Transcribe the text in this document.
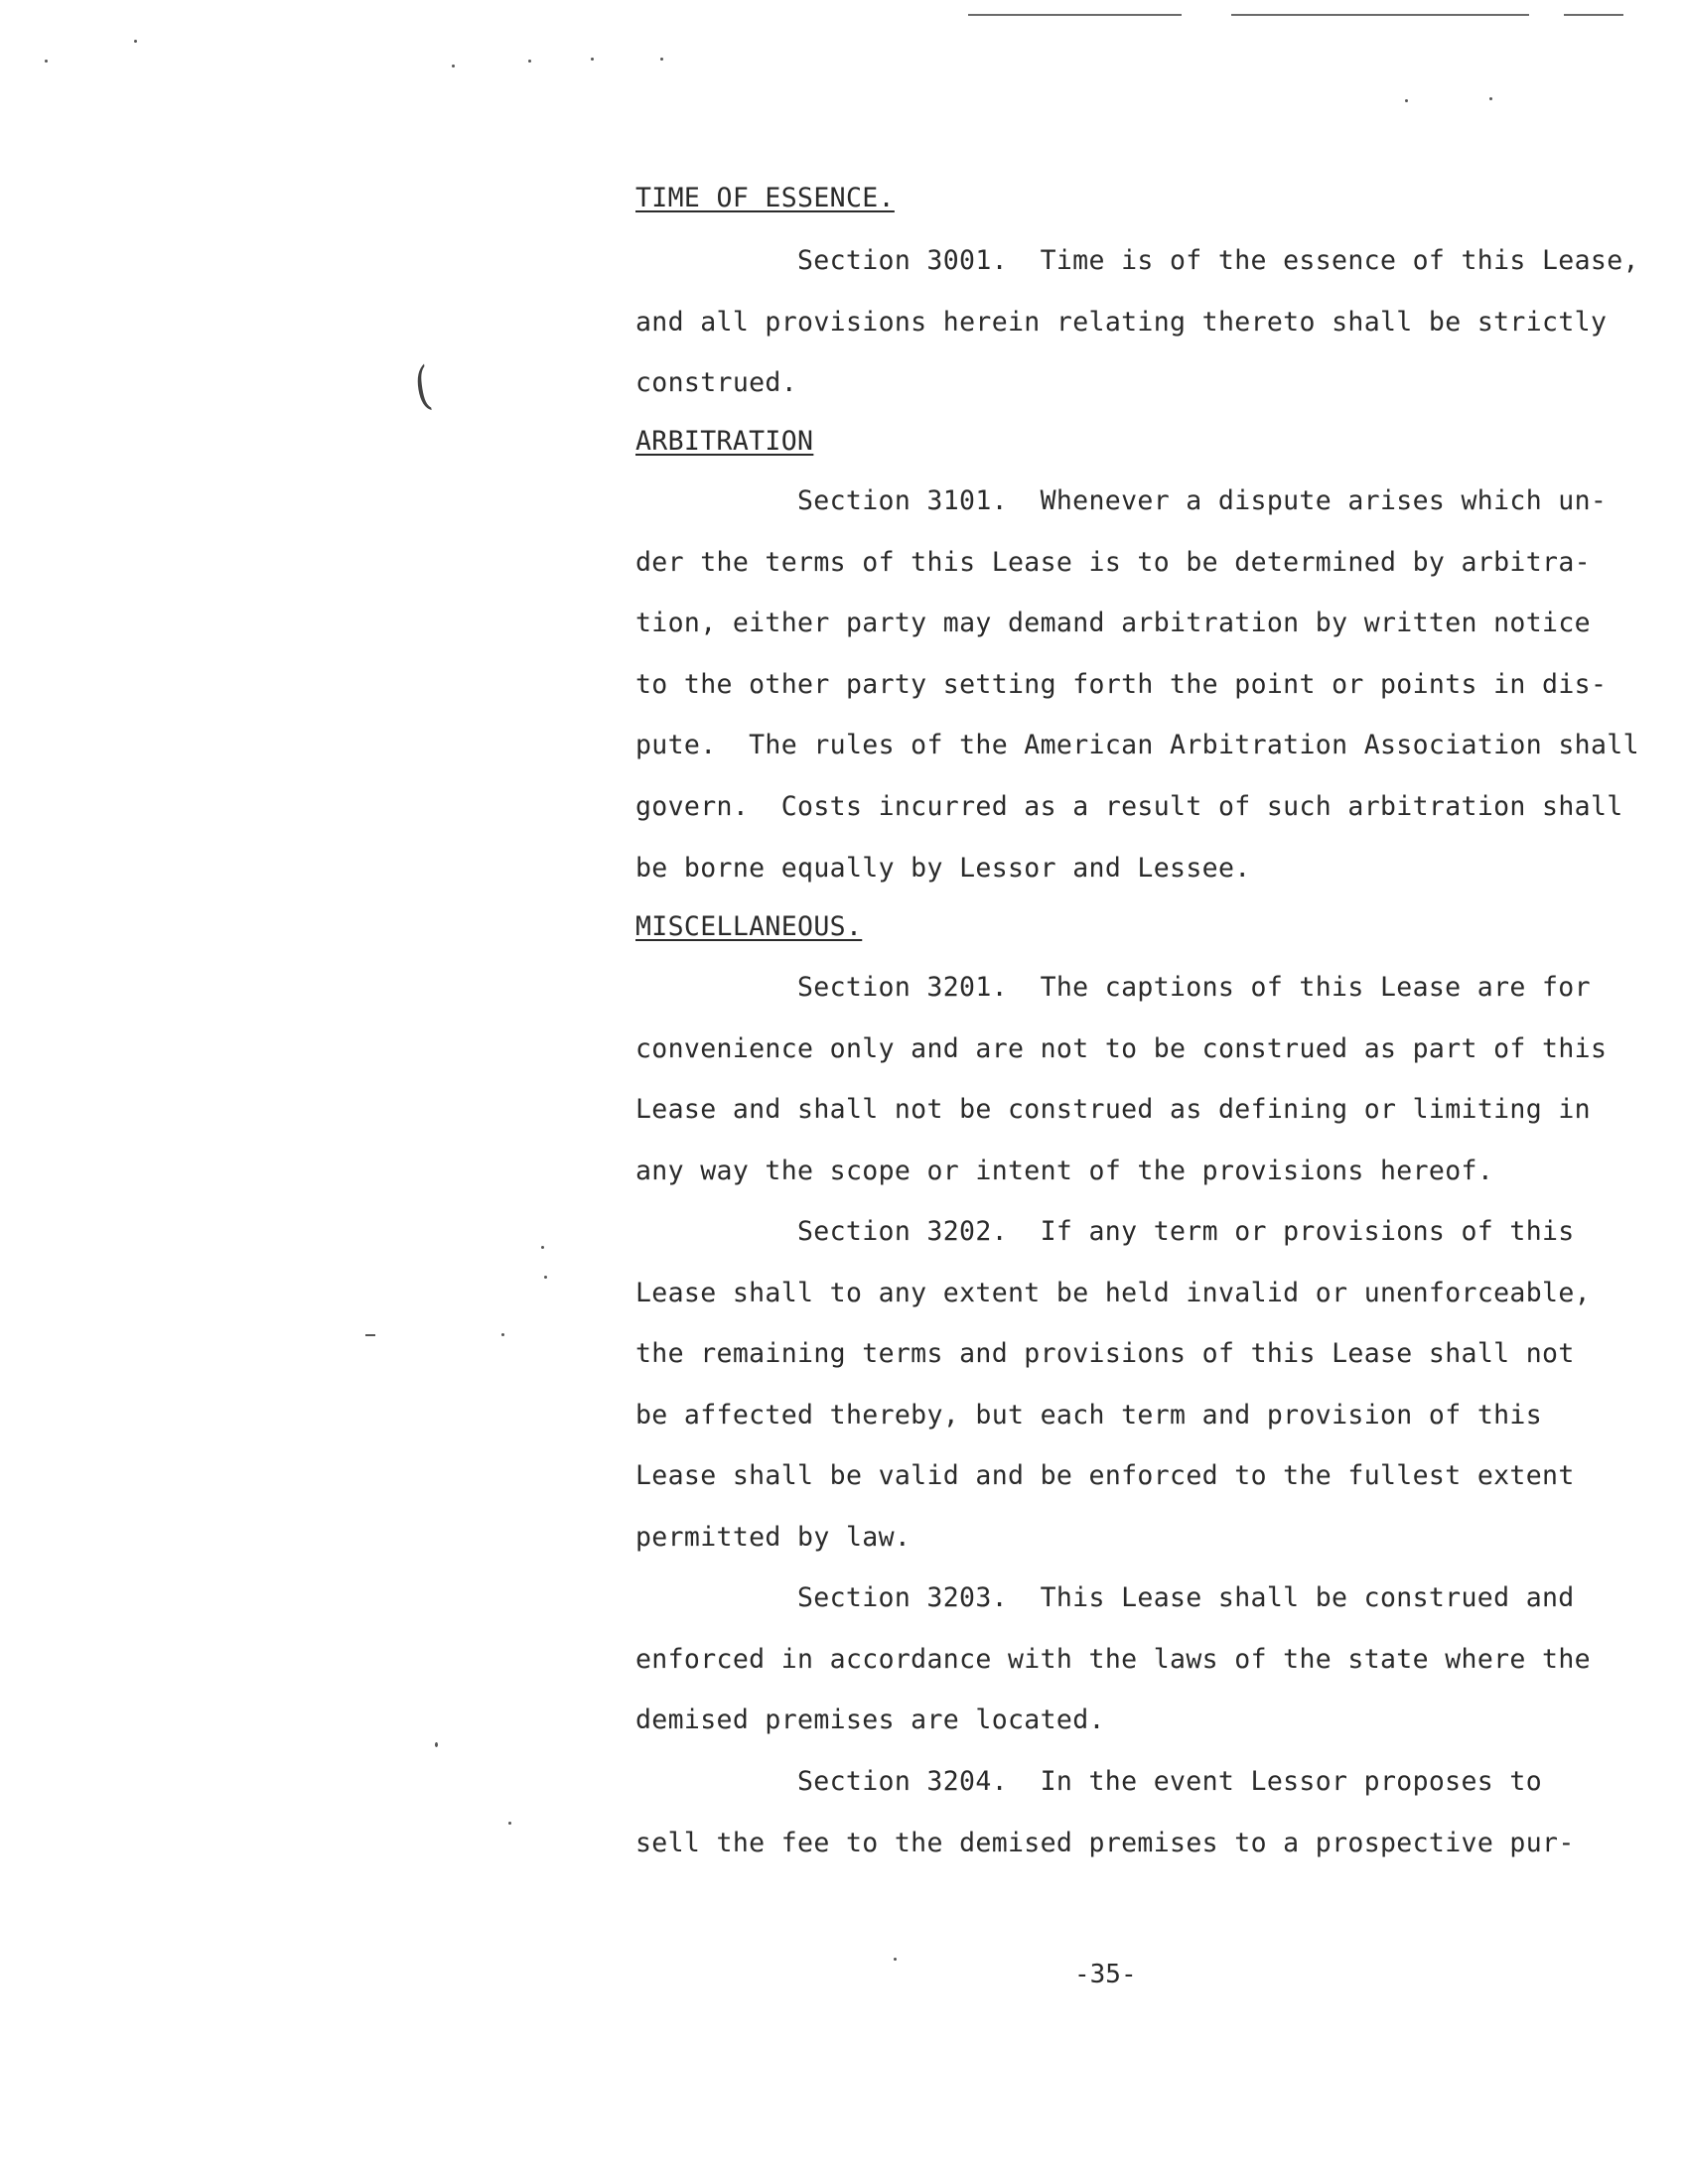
(
TIME OF ESSENCE.
Section 3001.  Time is of the essence of this Lease,
and all provisions herein relating thereto shall be strictly
construed.
ARBITRATION
Section 3101.  Whenever a dispute arises which un-
der the terms of this Lease is to be determined by arbitra-
tion, either party may demand arbitration by written notice
to the other party setting forth the point or points in dis-
pute.  The rules of the American Arbitration Association shall
govern.  Costs incurred as a result of such arbitration shall
be borne equally by Lessor and Lessee.
MISCELLANEOUS.
Section 3201.  The captions of this Lease are for
convenience only and are not to be construed as part of this
Lease and shall not be construed as defining or limiting in
any way the scope or intent of the provisions hereof.
Section 3202.  If any term or provisions of this
Lease shall to any extent be held invalid or unenforceable,
the remaining terms and provisions of this Lease shall not
be affected thereby, but each term and provision of this
Lease shall be valid and be enforced to the fullest extent
permitted by law.
Section 3203.  This Lease shall be construed and
enforced in accordance with the laws of the state where the
demised premises are located.
Section 3204.  In the event Lessor proposes to
sell the fee to the demised premises to a prospective pur-
-35-
